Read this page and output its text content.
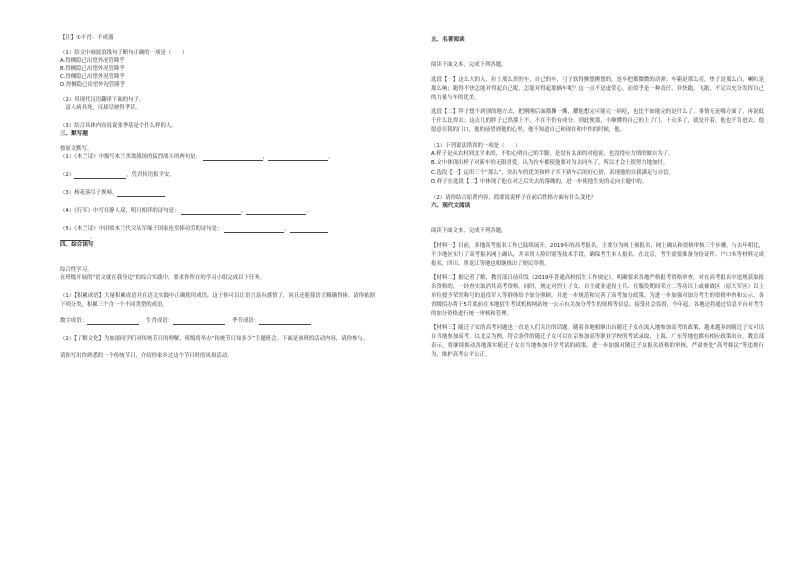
【注】①不肖：不成器

（1）给文中画波浪线句子断句正确的一项是（　　）

A.得侧隐已出望外况管隆乎

B.得侧隐已出望外况管隆乎

C.得侧隐已出望外况管隆乎

D.得侧隐已出望外况管隆乎

（2）用现代汉语翻译下面的句子。

　富人病其死，反却尽财得孝甚。

（3）结合具体内容说说张季基是个什么样的人。

三、默写题

按原文默写。

（1）《木兰诗》中描写木兰杀敌战场的猛烈战斗的两句是：	，	。

（2）	，凭君传语报平安。

（3）杨花落尽子规啼，

（4）《行军》中写在静人双，明月相伴的诗句是：	，	。

（5）《木兰诗》中田收木兰代父从军缘于国家连堂捧功劳的诗句是：	，

。

四、综合读写

综合性学习。

在班级开展的“语文就在我身边”的综合实践中，要求你所在的学习小组完成以下任务。

（1）【积累成语】大量积累成语并在语文实践中正确使用成语，这于你可以让语言富有感情了，同且还能使语言精确得体。请你依据下列分类，积累三个含一个不同类型的成语。

数字成语： 　	生肖成语： 　	季节成语：

（2）【了解文化】为加深同学们对传统节日的理解，班级将举办“传统节日知多少”主题班会。下面是该班的活动内容，请你参与。

请你写出你熟悉的一个传统节日，介绍你家乡过这个节日时的风俗活动。

五、名著阅读

阅读下面文本，完成下列各题。

选段【一】这么大的人，拉上那么贵的车，自己的车，弓子软得颤悠颤悠的，连车把都微微的动弹；车箱是那么亮，垫子是那么白，喇叭是那么响；跑得不快怎能对得起自己呢，怎能对得起那辆车呢？这一点不是虚荣心，而似乎是一种责任，非快跑，飞跑，不足以充分发挥自己的力量与车的优美。

选段【二】拜子想不到别的地方去，把刚刚后面都撕一撕，耀他想完可能完一病吃，也比不如能完的是什么了：事情无论哪方面了，再说低于什么比得去；这点儿的胖子已然那上不，不在不仍有成分，到此便那，小顺懂得自己的上了门，十点多了，就是开着，他也不肯进去，他愿意在我的门口，他的前望到他的心里，他不知道自己和现在和中作的时候，他。

（1）下列说法错误的一项是（　　）

A.样子是从农村到北平来的，不怕心明自己的手脚，是没有太深的对他说，也没得应力情的做自为了。

B.文中体现出样子对新车的无限喜爱，认为拉车都使他要对为去同车了，所以才会上很努力地加付。

C.选段【一】运用三个“那么”，突出车的优美和样子买下新车后的好心情，表现他的自我满足与自信。

D.样子在选段【二】中体现了他在对之后失去的落魄的，进一步使他生死的走向主题中的。

（2）请你结合原著内容，简要说说样子在前后性格方面有什么变化？

六、现代文阅读

阅读下面文本，完成下列各题。

【材料一】目前，多地高考报名工作已陆续展开。2019年的高考报名，主要分为网上预报名、网上确认和资格审核三个步骤。与去年相比，不少地区实行了高考报名网上确认，并采用人脸识别等技术手段，确保考生本人报名。在北京，考生需要准备身份证件、户口本等材料完成报名，四川、黑龙江等地也相继推出了便民举措。

【材料二】据记者了解，教育部日前印发《2019年普通高校招生工作规定》，明确要求各地严格报考资格审查，对在高考报名中违规获取报名资格的，一经查实取消其高考资格。同时，规定对烈士子女、自主就业退役士兵、在服役期间荣立二等功以上或被战区（原大军区）以上单位授予荣誉称号的退役军人等群体给予加分照顾，并进一步规范和完善了高考加分政策。为进一步加强对加分考生的资格审查和公示，各省级招办将于5月底前在本地招生考试机构网站统一公示有关加分考生的资格等信息，接受社会监督，今年起，各地还将通过信息平台对考生的加分资格进行统一审核和管理。

【材料三】随迁子女的高考问题也一直是人们关注的话题。随着各地相继出台随迁子女在流入地参加高考的政策，越来越多的随迁子女可以在当地参加高考。以北京为例，符合条件的随迁子女可以在京参加高等职业学校的考试录取，上海、广东等地也都有相应政策出台。教育部表示，将继续推动各地落实随迁子女在当地参加升学考试的政策，进一步加强对随迁子女报名资格的审核，严肃查处“高考移民”等违规行为，维护高考公平公正。
